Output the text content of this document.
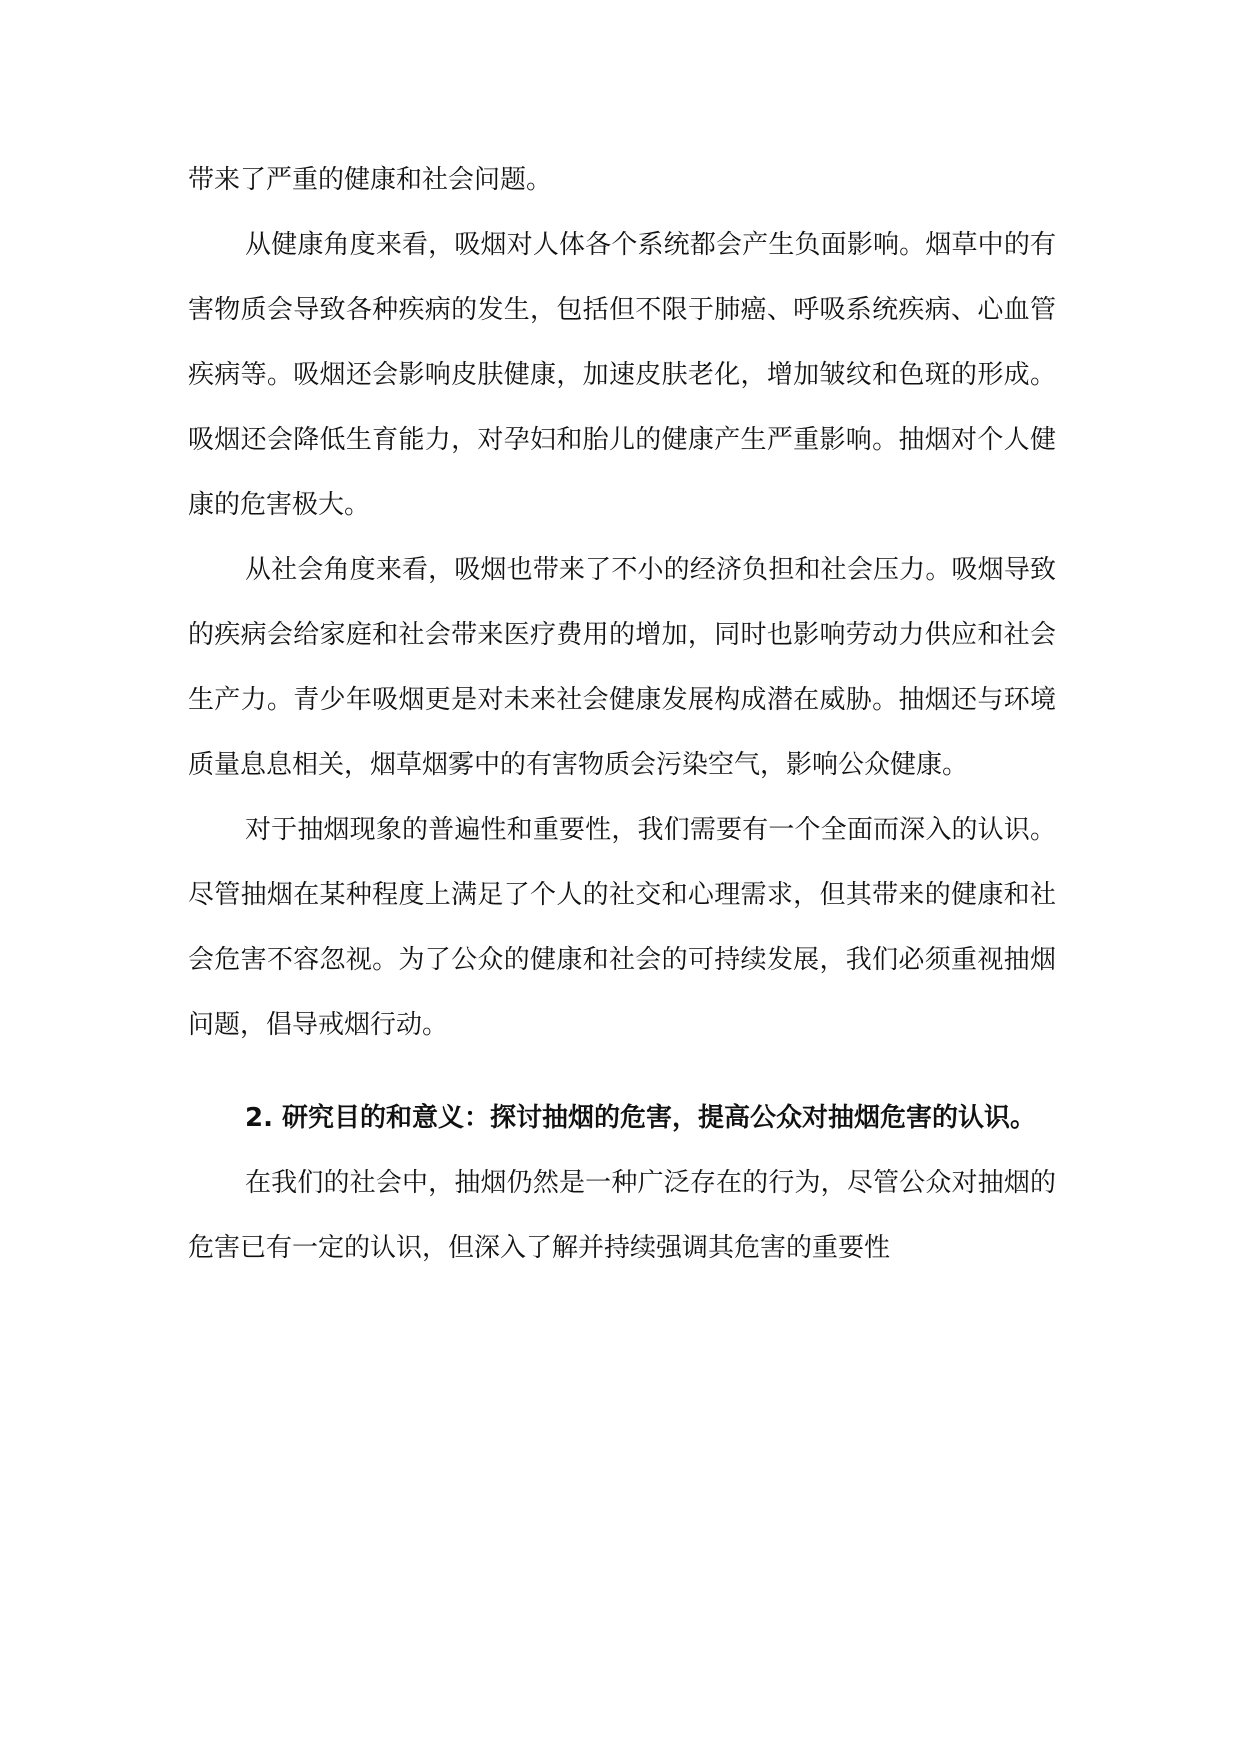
带来了严重的健康和社会问题。

从健康角度来看，吸烟对人体各个系统都会产生负面影响。烟草中的有害物质会导致各种疾病的发生，包括但不限于肺癌、呼吸系统疾病、心血管疾病等。吸烟还会影响皮肤健康，加速皮肤老化，增加皱纹和色斑的形成。吸烟还会降低生育能力，对孕妇和胎儿的健康产生严重影响。抽烟对个人健康的危害极大。

从社会角度来看，吸烟也带来了不小的经济负担和社会压力。吸烟导致的疾病会给家庭和社会带来医疗费用的增加，同时也影响劳动力供应和社会生产力。青少年吸烟更是对未来社会健康发展构成潜在威胁。抽烟还与环境质量息息相关，烟草烟雾中的有害物质会污染空气，影响公众健康。

对于抽烟现象的普遍性和重要性，我们需要有一个全面而深入的认识。尽管抽烟在某种程度上满足了个人的社交和心理需求，但其带来的健康和社会危害不容忽视。为了公众的健康和社会的可持续发展，我们必须重视抽烟问题，倡导戒烟行动。

2. 研究目的和意义：探讨抽烟的危害，提高公众对抽烟危害的认识。

在我们的社会中，抽烟仍然是一种广泛存在的行为，尽管公众对抽烟的危害已有一定的认识，但深入了解并持续强调其危害的重要性
